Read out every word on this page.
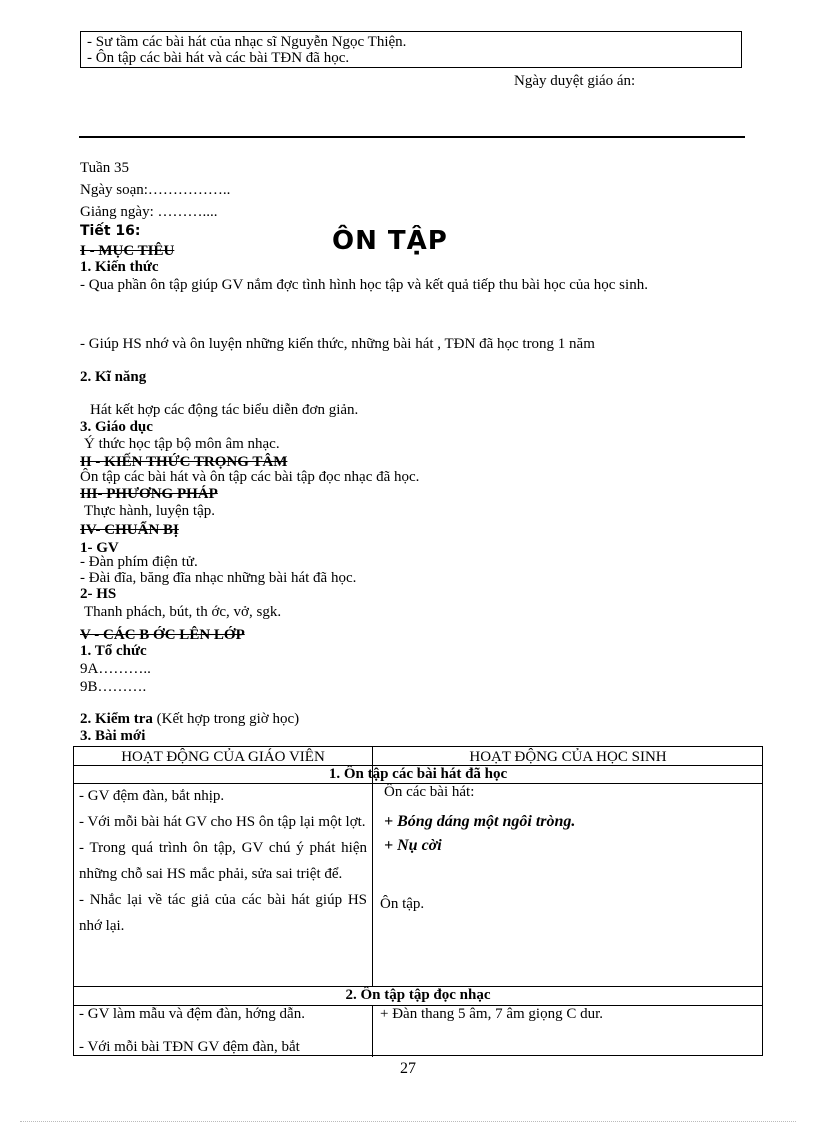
- Sư tầm các bài hát của nhạc sĩ Nguyễn Ngọc Thiện.
- Ôn tập các bài hát và các bài TĐN đã học.
Ngày duyệt giáo án:
Tuần 35
Ngày soạn:……………..
Giảng ngày: ………....
Tiết 16:	ÔN TẬP
I - MỤC TIÊU
1. Kiến thức
- Qua phần ôn tập giúp GV nắm đợc tình hình học tập và kết quả tiếp thu bài học của học sinh.
- Giúp HS nhớ và ôn luyện những kiến thức, những bài hát , TĐN đã học trong 1 năm
2. Kĩ năng
Hát kết hợp các động tác biểu diễn đơn giản.
3. Giáo dục
Ý thức học tập bộ môn âm nhạc.
II - KIẾN THỨC TRỌNG TÂM
Ôn tập các bài hát và ôn tập các bài tập đọc nhạc đã học.
III- PHƯƠNG PHÁP
Thực hành, luyện tập.
IV- CHUẨN BỊ
1- GV
- Đàn phím điện tử.
- Đài đĩa, băng đĩa nhạc những bài hát đã học.
2- HS
Thanh phách, bút, th ớc, vở, sgk.
V - CÁC B ỚC LÊN LỚP
1. Tổ chức
9A………..
9B……….
2. Kiểm tra (Kết hợp trong giờ học)
3. Bài mới
HOẠT ĐỘNG CỦA GIÁO VIÊN	HOẠT ĐỘNG CỦA HỌC SINH
1. Ôn tập các bài hát đã học
- GV đệm đàn, bắt nhịp.
- Với mỗi bài hát GV cho HS ôn tập lại một lợt.
- Trong quá trình ôn tập, GV chú ý phát hiện những chỗ sai HS mắc phải, sửa sai triệt để.
- Nhắc lại về tác giả của các bài hát giúp HS nhớ lại.
Ôn các bài hát:
+ Bóng dáng một ngôi tròng.
+ Nụ cời
Ôn tập.
2. Ôn tập tập đọc nhạc
- GV làm mẫu và đệm đàn, hớng dẫn.
- Với mỗi bài TĐN GV đệm đàn, bắt
+ Đàn thang 5 âm, 7 âm giọng C dur.
27
